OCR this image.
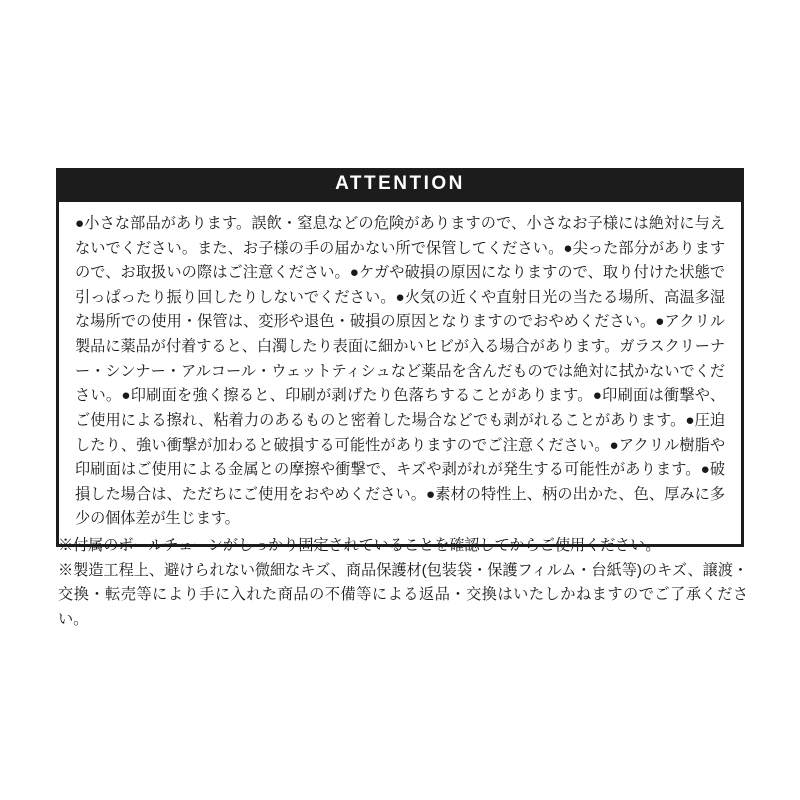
ATTENTION

●小さな部品があります。誤飲・窒息などの危険がありますので、小さなお子様には絶対に与えないでください。また、お子様の手の届かない所で保管してください。●尖った部分がありますので、お取扱いの際はご注意ください。●ケガや破損の原因になりますので、取り付けた状態で引っぱったり振り回したりしないでください。●火気の近くや直射日光の当たる場所、高温多湿な場所での使用・保管は、変形や退色・破損の原因となりますのでおやめください。●アクリル製品に薬品が付着すると、白濁したり表面に細かいヒビが入る場合があります。ガラスクリーナー・シンナー・アルコール・ウェットティシュなど薬品を含んだものでは絶対に拭かないでください。●印刷面を強く擦ると、印刷が剥げたり色落ちすることがあります。●印刷面は衝撃や、ご使用による擦れ、粘着力のあるものと密着した場合などでも剥がれることがあります。●圧迫したり、強い衝撃が加わると破損する可能性がありますのでご注意ください。●アクリル樹脂や印刷面はご使用による金属との摩擦や衝撃で、キズや剥がれが発生する可能性があります。●破損した場合は、ただちにご使用をおやめください。●素材の特性上、柄の出かた、色、厚みに多少の個体差が生じます。

※付属のボールチェーンがしっかり固定されていることを確認してからご使用ください。

※製造工程上、避けられない微細なキズ、商品保護材(包装袋・保護フィルム・台紙等)のキズ、譲渡・交換・転売等により手に入れた商品の不備等による返品・交換はいたしかねますのでご了承ください。
